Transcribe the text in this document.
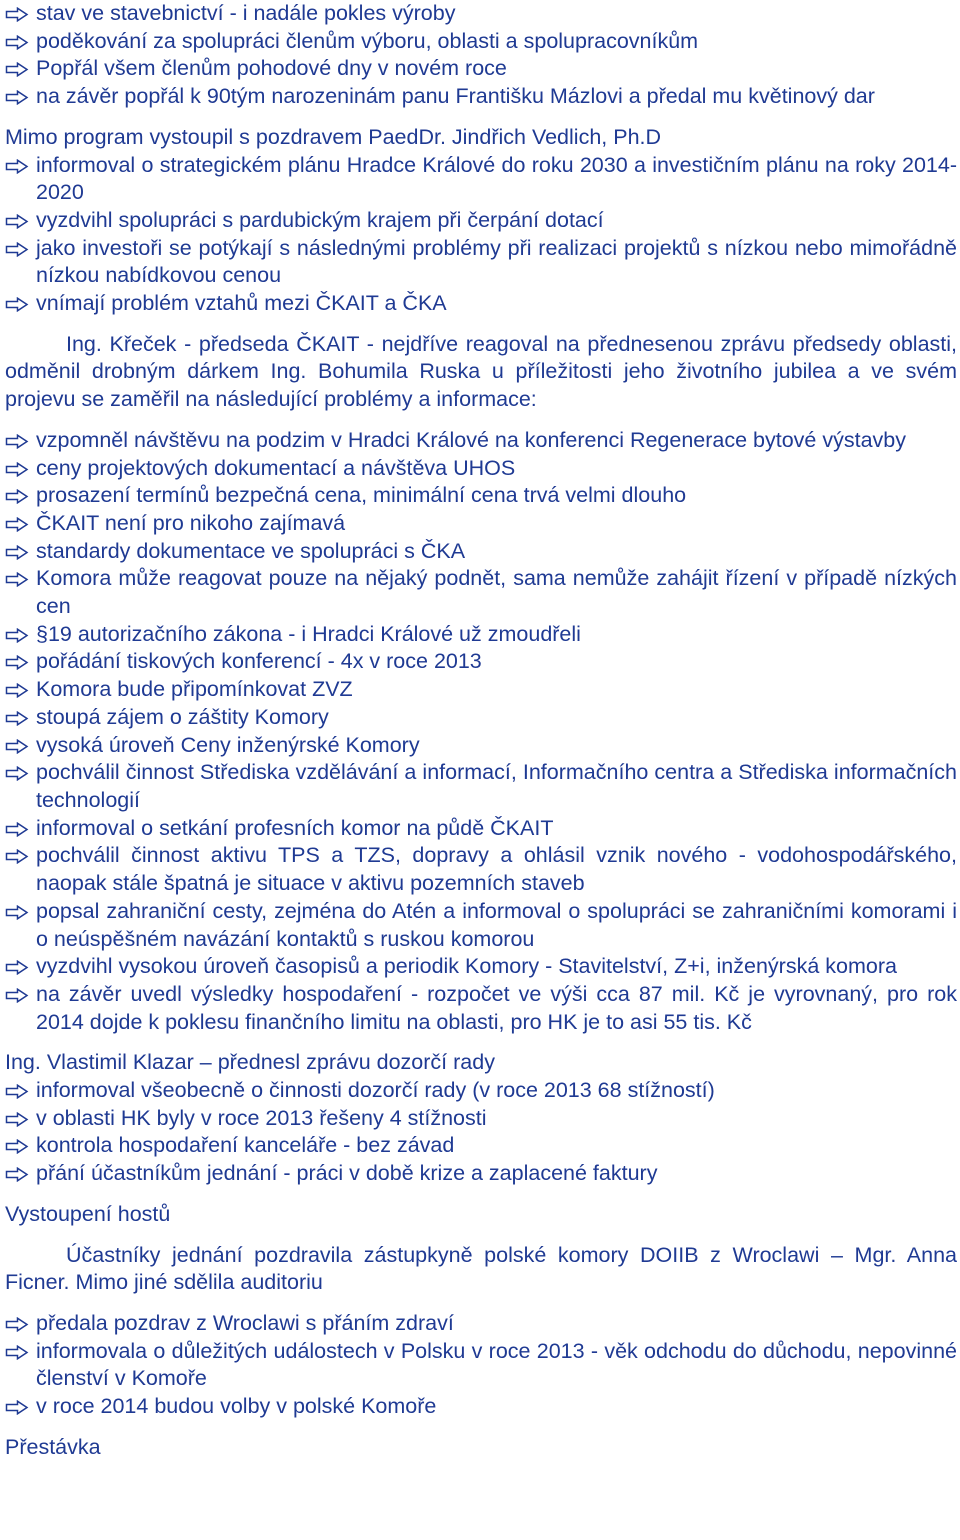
stav ve stavebnictví - i nadále pokles výroby
poděkování za spolupráci členům výboru, oblasti a spolupracovníkům
Popřál všem členům pohodové dny v novém roce
na závěr popřál k 90tým narozeninám panu Františku Mázlovi a předal mu květinový dar

Mimo program vystoupil s pozdravem PaedDr. Jindřich Vedlich, Ph.D

informoval o strategickém plánu Hradce Králové do roku 2030 a investičním plánu na roky 2014-2020
vyzdvihl spolupráci s pardubickým krajem při čerpání dotací
jako investoři se potýkají s následnými problémy při realizaci projektů s nízkou nebo mimořádně nízkou nabídkovou cenou
vnímají problém vztahů mezi ČKAIT a ČKA

Ing. Křeček - předseda ČKAIT - nejdříve reagoval na přednesenou zprávu předsedy oblasti, odměnil drobným dárkem Ing. Bohumila Ruska u příležitosti jeho životního jubilea a ve svém projevu se zaměřil na následující problémy a informace:

vzpomněl návštěvu na podzim v Hradci Králové na konferenci Regenerace bytové výstavby
ceny projektových dokumentací a návštěva UHOS
prosazení termínů bezpečná cena, minimální cena trvá velmi dlouho
ČKAIT není pro nikoho zajímavá
standardy dokumentace ve spolupráci s ČKA
Komora může reagovat pouze na nějaký podnět, sama nemůže zahájit řízení v případě nízkých cen
§19 autorizačního zákona - i Hradci Králové už zmoudřeli
pořádání tiskových konferencí - 4x v roce 2013
Komora bude připomínkovat ZVZ
stoupá zájem o záštity Komory
vysoká úroveň Ceny inženýrské Komory
pochválil činnost Střediska vzdělávání a informací, Informačního centra a Střediska informačních technologií
informoval o setkání profesních komor na půdě ČKAIT
pochválil činnost aktivu TPS a TZS, dopravy a ohlásil vznik nového - vodohospodářského, naopak stále špatná je situace v aktivu pozemních staveb
popsal zahraniční cesty, zejména do Atén a informoval o spolupráci se zahraničními komorami i o neúspěšném navázání kontaktů s ruskou komorou
vyzdvihl vysokou úroveň časopisů a periodik Komory - Stavitelství, Z+i, inženýrská komora
na závěr uvedl výsledky hospodaření - rozpočet ve výši cca 87 mil. Kč je vyrovnaný, pro rok 2014 dojde k poklesu finančního limitu na oblasti, pro HK je to asi 55 tis. Kč

Ing. Vlastimil Klazar – přednesl zprávu dozorčí rady

informoval všeobecně o činnosti dozorčí rady (v roce 2013 68 stížností)
v oblasti HK byly v roce 2013 řešeny 4 stížnosti
kontrola hospodaření kanceláře - bez závad
přání účastníkům jednání - práci v době krize a zaplacené faktury

Vystoupení hostů

Účastníky jednání pozdravila zástupkyně polské komory DOIIB z Wroclawi – Mgr. Anna Ficner. Mimo jiné sdělila auditoriu

předala pozdrav z Wroclawi s přáním zdraví
informovala o důležitých událostech v Polsku v roce 2013 - věk odchodu do důchodu, nepovinné členství v Komoře
v roce 2014 budou volby v polské Komoře

Přestávka
